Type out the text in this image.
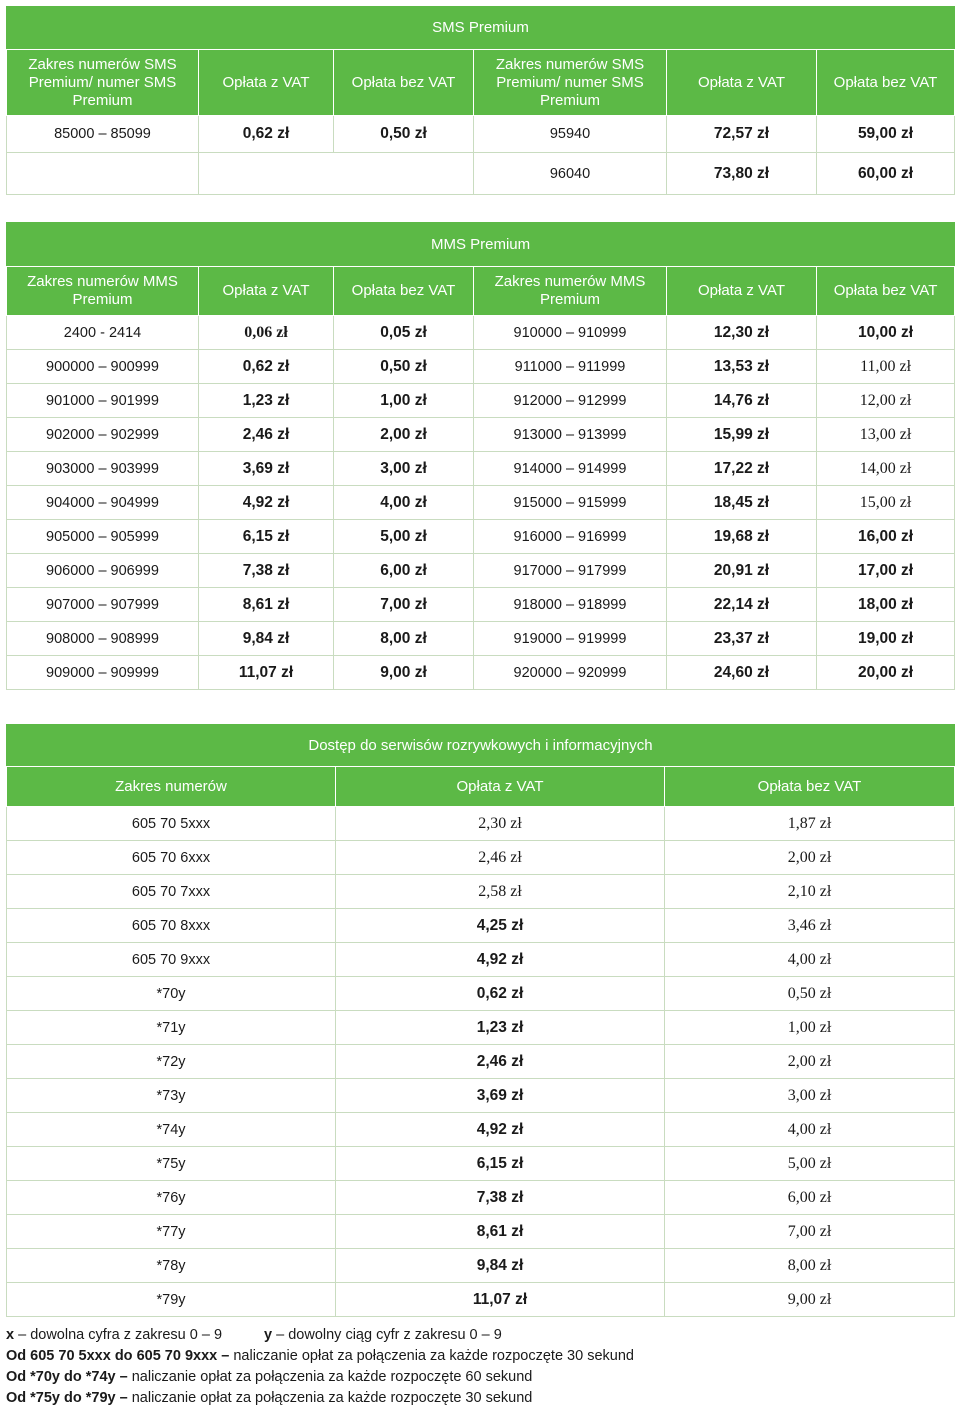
SMS Premium					
Zakres numerów SMS Premium/ numer SMS Premium	Opłata z VAT	Opłata bez VAT	Zakres numerów SMS Premium/ numer SMS Premium	Opłata z VAT	Opłata bez VAT
85000 – 85099	0,62 zł	0,50 zł	95940	72,57 zł	59,00 zł
			96040	73,80 zł	60,00 zł
MMS Premium					
Zakres numerów MMS Premium	Opłata z VAT	Opłata bez VAT	Zakres numerów MMS Premium	Opłata z VAT	Opłata bez VAT
2400 - 2414	0,06 zł	0,05 zł	910000 – 910999	12,30 zł	10,00 zł
900000 – 900999	0,62 zł	0,50 zł	911000 – 911999	13,53 zł	11,00 zł
901000 – 901999	1,23 zł	1,00 zł	912000 – 912999	14,76 zł	12,00 zł
902000 – 902999	2,46 zł	2,00 zł	913000 – 913999	15,99 zł	13,00 zł
903000 – 903999	3,69 zł	3,00 zł	914000 – 914999	17,22 zł	14,00 zł
904000 – 904999	4,92 zł	4,00 zł	915000 – 915999	18,45 zł	15,00 zł
905000 – 905999	6,15 zł	5,00 zł	916000 – 916999	19,68 zł	16,00 zł
906000 – 906999	7,38 zł	6,00 zł	917000 – 917999	20,91 zł	17,00 zł
907000 – 907999	8,61 zł	7,00 zł	918000 – 918999	22,14 zł	18,00 zł
908000 – 908999	9,84 zł	8,00 zł	919000 – 919999	23,37 zł	19,00 zł
909000 – 909999	11,07 zł	9,00 zł	920000 – 920999	24,60 zł	20,00 zł
Dostęp do serwisów rozrywkowych i informacyjnych		
Zakres numerów	Opłata z VAT	Opłata bez VAT
605 70 5xxx	2,30 zł	1,87 zł
605 70 6xxx	2,46 zł	2,00 zł
605 70 7xxx	2,58 zł	2,10 zł
605 70 8xxx	4,25 zł	3,46 zł
605 70 9xxx	4,92 zł	4,00 zł
*70y	0,62 zł	0,50 zł
*71y	1,23 zł	1,00 zł
*72y	2,46 zł	2,00 zł
*73y	3,69 zł	3,00 zł
*74y	4,92 zł	4,00 zł
*75y	6,15 zł	5,00 zł
*76y	7,38 zł	6,00 zł
*77y	8,61 zł	7,00 zł
*78y	9,84 zł	8,00 zł
*79y	11,07 zł	9,00 zł
x – dowolna cyfra z zakresu 0 – 9	y – dowolny ciąg cyfr z zakresu 0 – 9
Od 605 70 5xxx do 605 70 9xxx – naliczanie opłat za połączenia za każde rozpoczęte 30 sekund
Od *70y do *74y – naliczanie opłat za połączenia za każde rozpoczęte 60 sekund
Od *75y do *79y – naliczanie opłat za połączenia za każde rozpoczęte 30 sekund
